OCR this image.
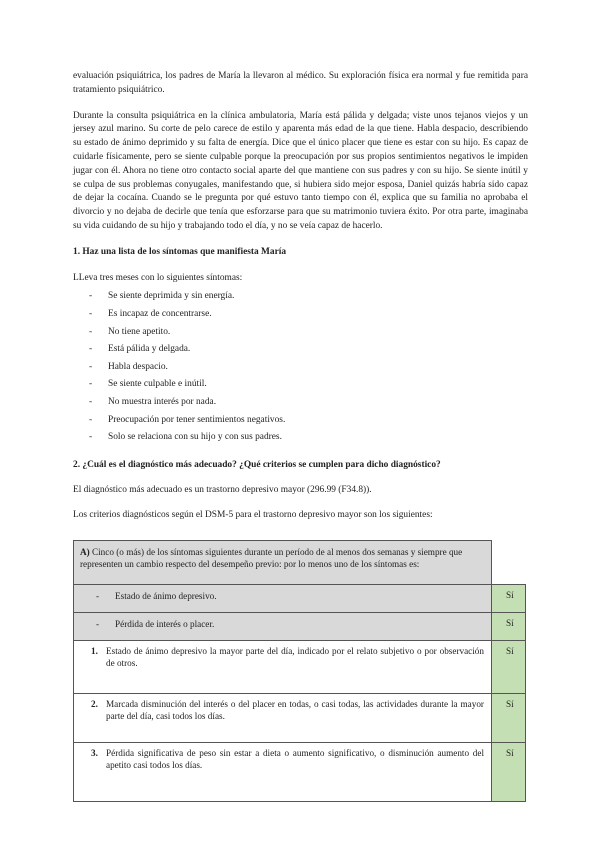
evaluación psiquiátrica, los padres de María la llevaron al médico. Su exploración física era normal y fue remitida para tratamiento psiquiátrico.

Durante la consulta psiquiátrica en la clínica ambulatoria, María está pálida y delgada; viste unos tejanos viejos y un jersey azul marino. Su corte de pelo carece de estilo y aparenta más edad de la que tiene. Habla despacio, describiendo su estado de ánimo deprimido y su falta de energía. Dice que el único placer que tiene es estar con su hijo. Es capaz de cuidarle físicamente, pero se siente culpable porque la preocupación por sus propios sentimientos negativos le impiden jugar con él. Ahora no tiene otro contacto social aparte del que mantiene con sus padres y con su hijo. Se siente inútil y se culpa de sus problemas conyugales, manifestando que, si hubiera sido mejor esposa, Daniel quizás habría sido capaz de dejar la cocaína. Cuando se le pregunta por qué estuvo tanto tiempo con él, explica que su familia no aprobaba el divorcio y no dejaba de decirle que tenía que esforzarse para que su matrimonio tuviera éxito. Por otra parte, imaginaba su vida cuidando de su hijo y trabajando todo el día, y no se veía capaz de hacerlo.

1. Haz una lista de los síntomas que manifiesta María

LLeva tres meses con lo siguientes síntomas:

- Se siente deprimida y sin energía.
- Es incapaz de concentrarse.
- No tiene apetito.
- Está pálida y delgada.
- Habla despacio.
- Se siente culpable e inútil.
- No muestra interés por nada.
- Preocupación por tener sentimientos negativos.
- Solo se relaciona con su hijo y con sus padres.

2. ¿Cuál es el diagnóstico más adecuado? ¿Qué criterios se cumplen para dicho diagnóstico?

El diagnóstico más adecuado es un trastorno depresivo mayor (296.99 (F34.8)).

Los criterios diagnósticos según el DSM-5 para el trastorno depresivo mayor son los siguientes:

A) Cinco (o más) de los síntomas siguientes durante un período de al menos dos semanas y siempre que representen un cambio respecto del desempeño previo: por lo menos uno de los síntomas es:	

- Estado de ánimo depresivo.	Sí

- Pérdida de interés o placer.	Sí

1. Estado de ánimo depresivo la mayor parte del día, indicado por el relato subjetivo o por observación de otros.	Sí

2. Marcada disminución del interés o del placer en todas, o casi todas, las actividades durante la mayor parte del día, casi todos los días.	Sí

3. Pérdida significativa de peso sin estar a dieta o aumento significativo, o disminución aumento del apetito casi todos los días.	Sí
